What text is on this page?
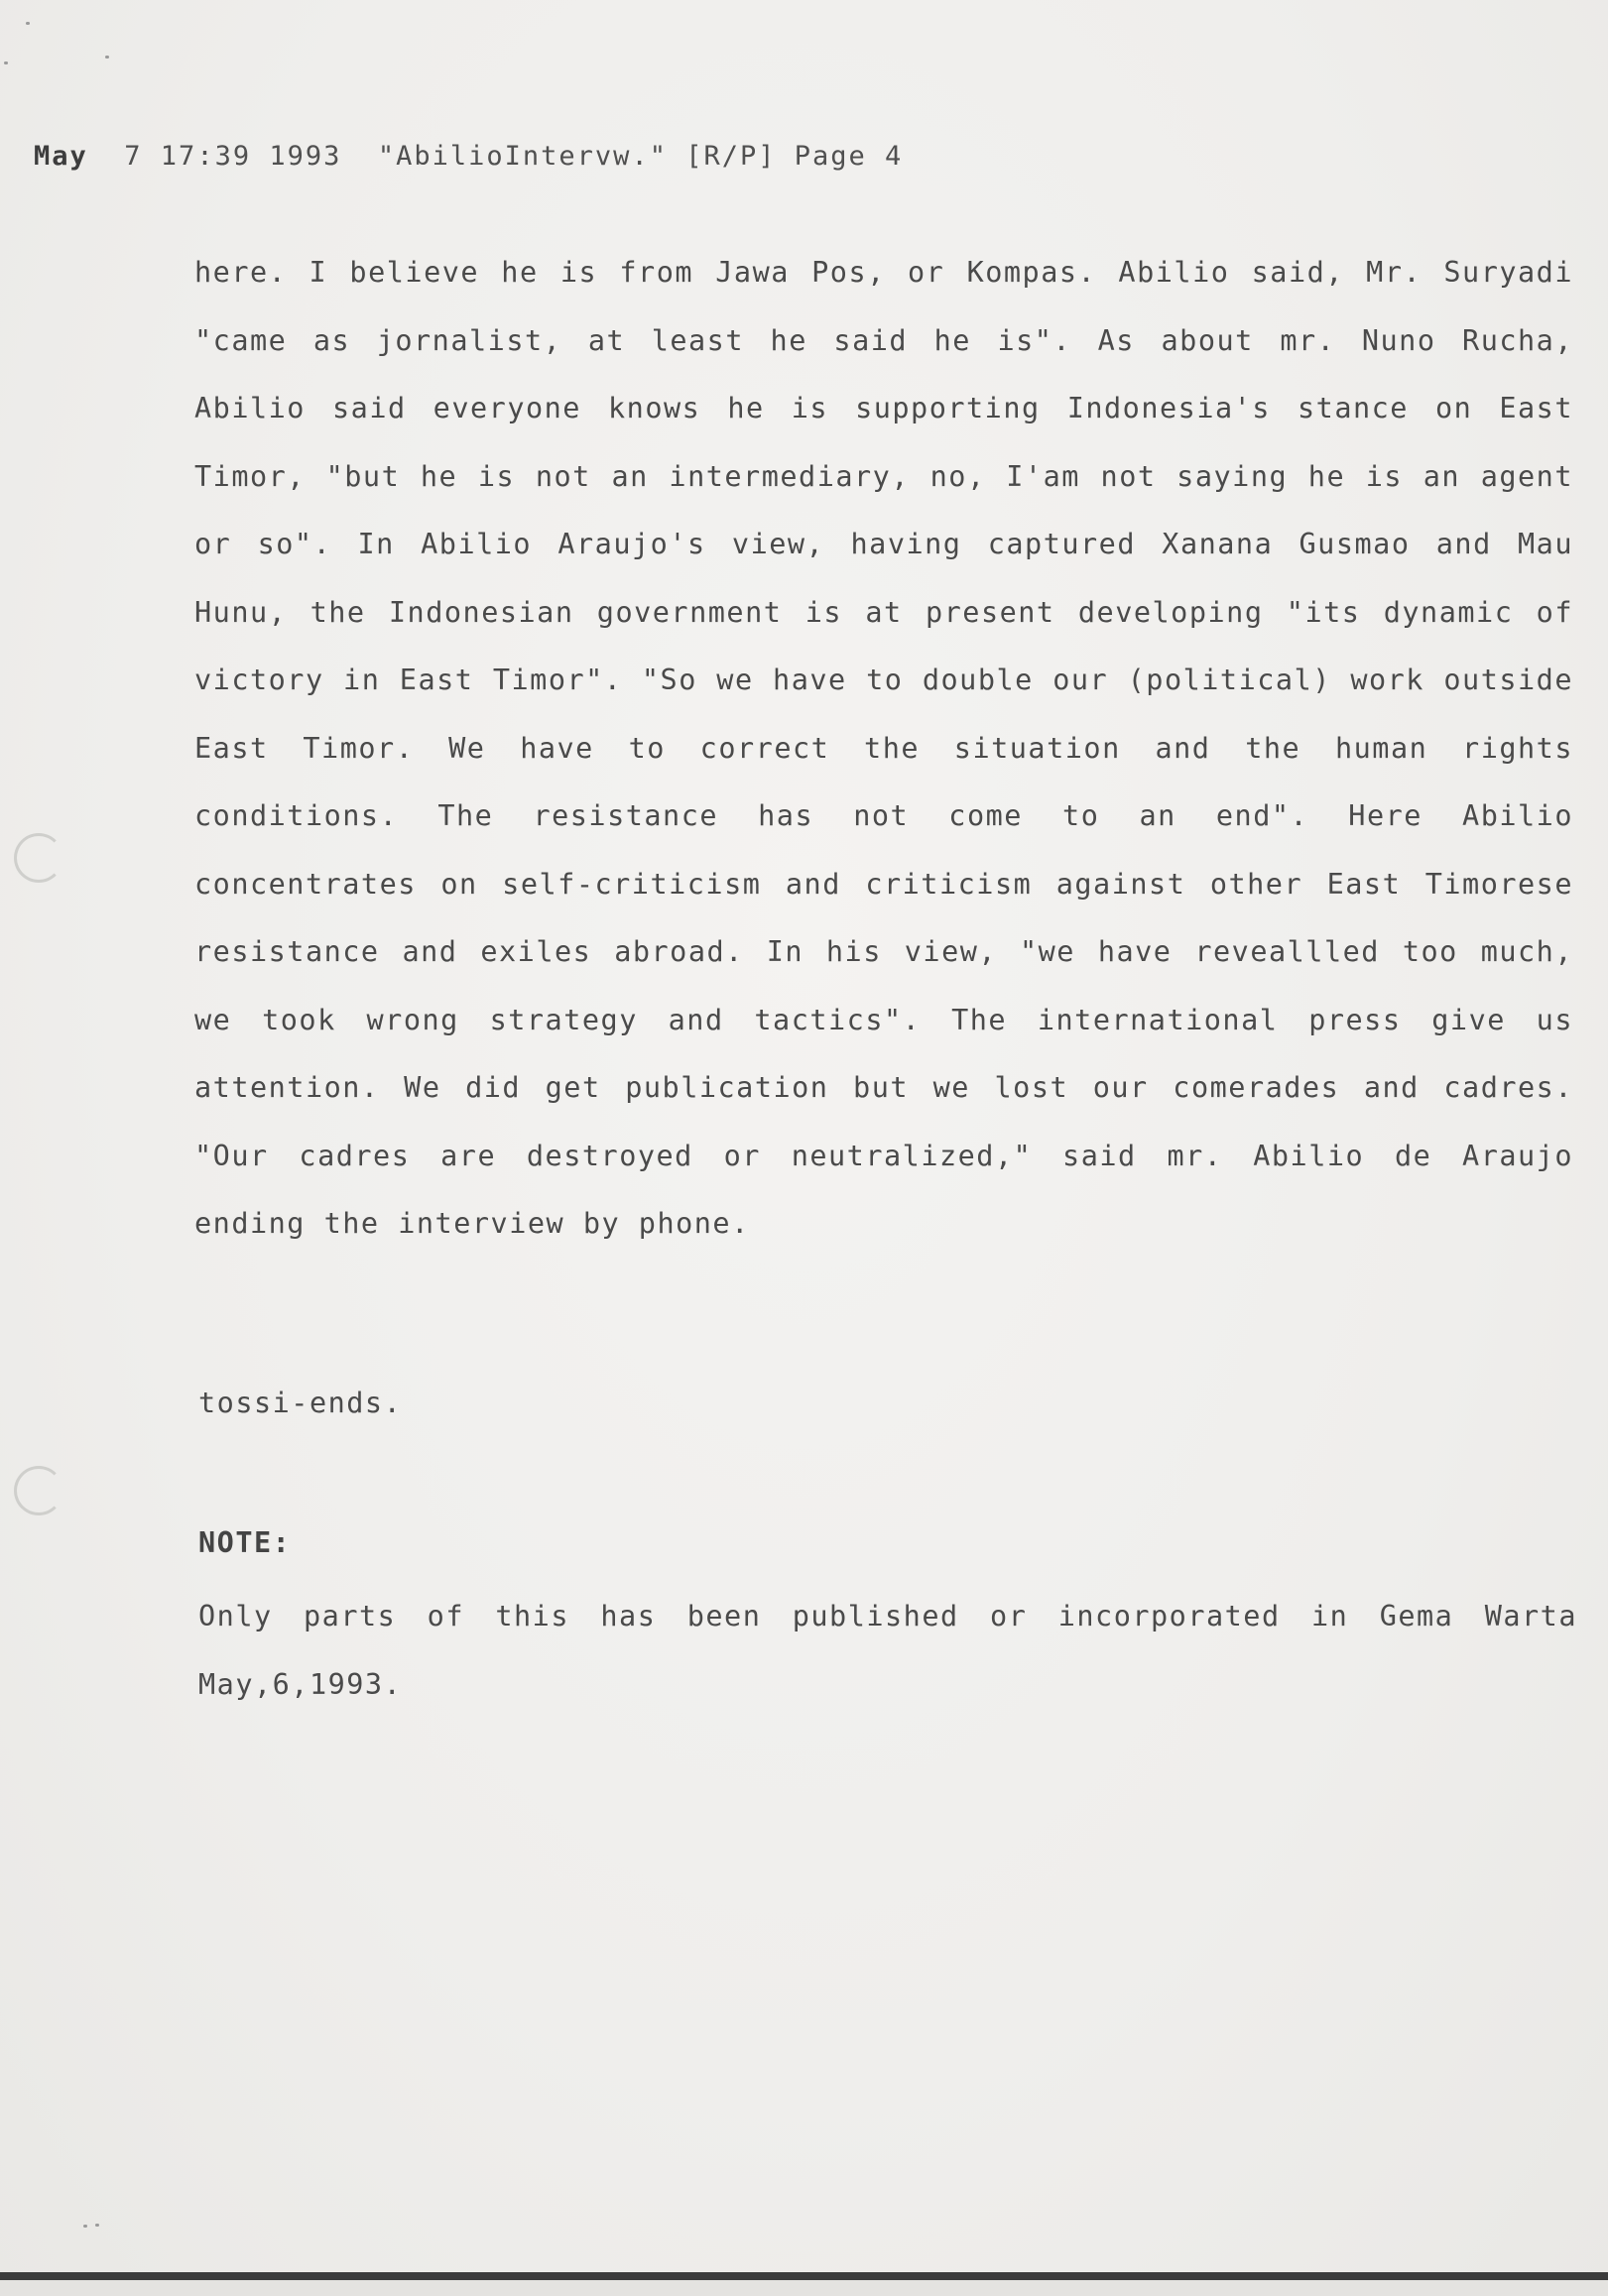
May  7 17:39 1993  "AbilioIntervw." [R/P] Page 4

here. I believe he is from Jawa Pos, or Kompas. Abilio said, Mr. Suryadi "came as jornalist, at least he said he is". As about mr. Nuno Rucha, Abilio said everyone knows he is supporting Indonesia's stance on East Timor, "but he is not an intermediary, no, I'am not saying he is an agent or so". In Abilio Araujo's view, having captured Xanana Gusmao and Mau Hunu, the Indonesian government is at present developing "its dynamic of victory in East Timor". "So we have to double our (political) work outside East Timor. We have to correct the situation and the human rights conditions. The resistance has not come to an end". Here Abilio concentrates on self-criticism and criticism against other East Timorese resistance and exiles abroad. In his view, "we have reveallled too much, we took wrong strategy and tactics". The international press give us attention. We did get publication but we lost our comerades and cadres. "Our cadres are destroyed or neutralized," said mr. Abilio de Araujo ending the interview by phone.

tossi-ends.
NOTE:
Only parts of this has been published or incorporated in Gema Warta May,6,1993.
